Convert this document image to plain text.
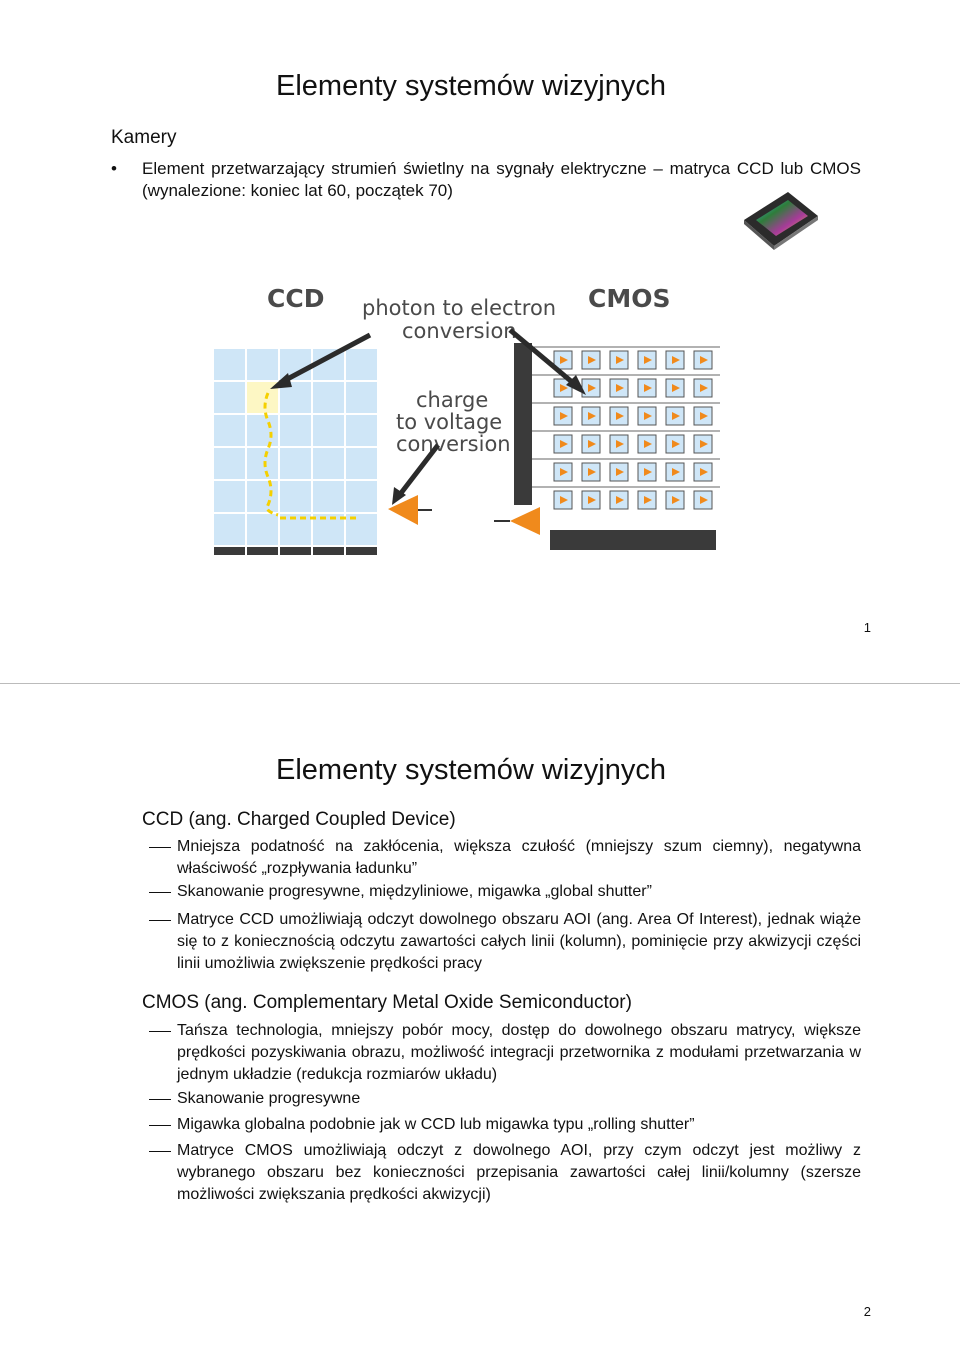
Elementy systemów wizyjnych
Kamery
• Element przetwarzający strumień świetlny na sygnały elektryczne – matryca CCD lub CMOS (wynalezione: koniec lat 60, początek 70)
CCD	CMOS
photon to electron
conversion
charge
to voltage
conversion
1
Elementy systemów wizyjnych
CCD (ang. Charged Coupled Device)
Mniejsza podatność na zakłócenia, większa czułość (mniejszy szum ciemny), negatywna właściwość „rozpływania ładunku”
Skanowanie progresywne, międzyliniowe, migawka „global shutter”
Matryce CCD umożliwiają odczyt dowolnego obszaru AOI (ang. Area Of Interest), jednak wiąże się to z koniecznością odczytu zawartości całych linii (kolumn), pominięcie przy akwizycji części linii umożliwia zwiększenie prędkości pracy
CMOS (ang. Complementary Metal Oxide Semiconductor)
Tańsza technologia, mniejszy pobór mocy, dostęp do dowolnego obszaru matrycy, większe prędkości pozyskiwania obrazu, możliwość integracji przetwornika z modułami przetwarzania w jednym układzie (redukcja rozmiarów układu)
Skanowanie progresywne
Migawka globalna podobnie jak w CCD lub migawka typu „rolling shutter”
Matryce CMOS umożliwiają odczyt z dowolnego AOI, przy czym odczyt jest możliwy z wybranego obszaru bez konieczności przepisania zawartości całej linii/kolumny (szersze możliwości zwiększania prędkości akwizycji)
2
